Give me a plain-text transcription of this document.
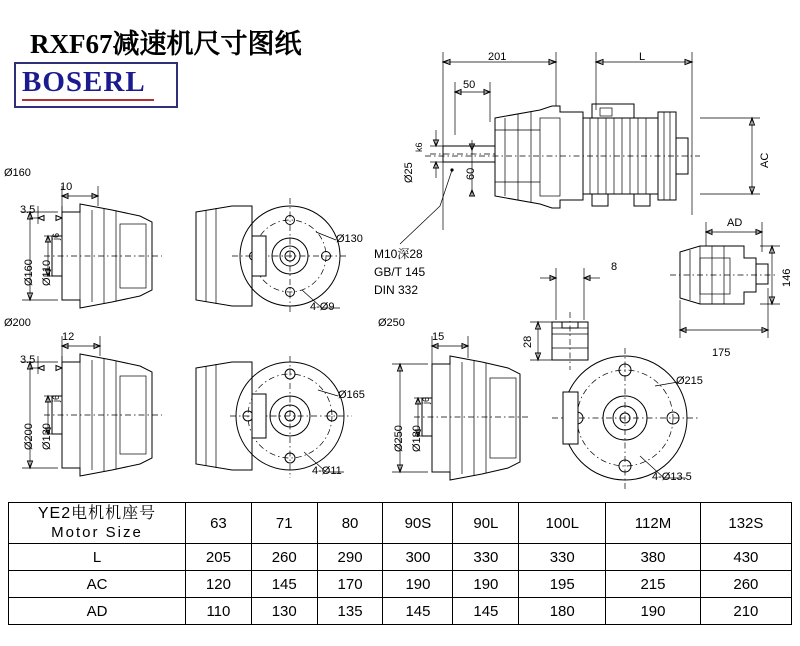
RXF67减速机尺寸图纸
BOSERL
201	L
50
Ø25
k6
60
AC
M10深28
GB/T 145
DIN 332
8
28
AD
146
175
Ø160
10
3.5
Ø160 Ø110
j6	Ø130
4-Ø9
Ø200
12
3.5
Ø200 Ø130
j6	Ø165
4-Ø11
Ø250
15
Ø250 Ø180
j6
Ø215
4-Ø13.5
YE2电机机座号
Motor Size	63	71	80	90S	90L	100L	112M	132S
L	205	260	290	300	330	330	380	430
AC	120	145	170	190	190	195	215	260
AD	110	130	135	145	145	180	190	210
